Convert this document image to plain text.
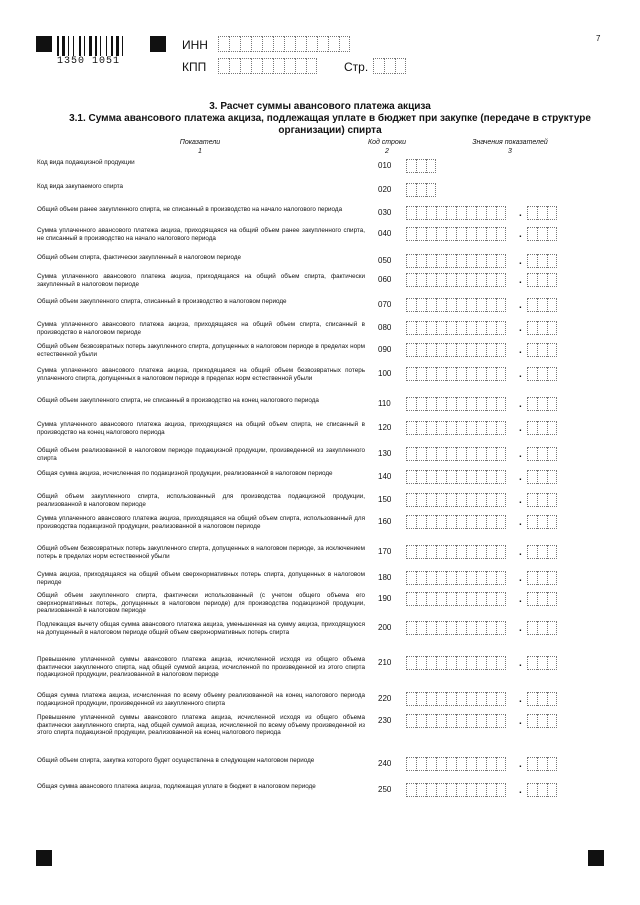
1350 1051
ИНН
КПП	Стр.
7
3. Расчет суммы авансового платежа акциза
3.1. Сумма авансового платежа акциза, подлежащая уплате в бюджет при закупке (передаче в структуре организации) спирта
Показатели
1
Код строки
2
Значения показателей
3
Код вида подакцизной продукции	010
Код вида закупаемого спирта	020
Общий объем ранее закупленного спирта, не списанный в производство на начало налогового периода	030	.
Сумма уплаченного авансового платежа акциза, приходящаяся на общий объем ранее закупленного спирта, не списанный в производство на начало налогового периода
040	.
Общий объем спирта, фактически закупленный в налоговом периоде	050	.
Сумма уплаченного авансового платежа акциза, приходящаяся на общий объем спирта, фактически закупленный в налоговом периоде
060	.
Общий объем закупленного спирта, списанный в производство в налоговом периоде	070	.
Сумма уплаченного авансового платежа акциза, приходящаяся на общий объем спирта, списанный в производство в налоговом периоде
080	.
Общий объем безвозвратных потерь закупленного спирта, допущенных в налоговом периоде в пределах норм естественной убыли
090	.
Сумма уплаченного авансового платежа акциза, приходящаяся на общий объем безвозвратных потерь уплаченного спирта, допущенных в налоговом периоде в пределах норм естественной убыли
100	.
Общий объем закупленного спирта, не списанный в производство на конец налогового периода	110	.
Сумма уплаченного авансового платежа акциза, приходящаяся на общий объем спирта, не списанный в производство на конец налогового периода
120	.
Общий объем реализованной в налоговом периоде подакцизной продукции, произведенной из закупленного спирта
130	.
Общая сумма акциза, исчисленная по подакцизной продукции, реализованной в налоговом периоде	140	.
Общий объем закупленного спирта, использованный для производства подакцизной продукции, реализованной в налоговом периоде
150	.
Сумма уплаченного авансового платежа акциза, приходящаяся на общий объем спирта, использованный для производства подакцизной продукции, реализованной в налоговом периоде
160	.
Общий объем безвозвратных потерь закупленного спирта, допущенных в налоговом периоде, за исключением потерь в пределах норм естественной убыли
170	.
Сумма акциза, приходящаяся на общий объем сверхнормативных потерь спирта, допущенных в налоговом периоде
180	.
Общий объем закупленного спирта, фактически использованный (с учетом общего объема его сверхнормативных потерь, допущенных в налоговом периоде) для производства подакцизной продукции, реализованной в налоговом периоде
190	.
Подлежащая вычету общая сумма авансового платежа акциза, уменьшенная на сумму акциза, приходящуюся на допущенный в налоговом периоде общий объем сверхнормативных потерь спирта
200	.
Превышение уплаченной суммы авансового платежа акциза, исчисленной исходя из общего объема фактически закупленного спирта, над общей суммой акциза, исчисленной по произведенной из этого спирта подакцизной продукции, реализованной в налоговом периоде
210	.
Общая сумма платежа акциза, исчисленная по всему объему реализованной на конец налогового периода подакцизной продукции, произведенной из закупленного спирта
220	.
Превышение уплаченной суммы авансового платежа акциза, исчисленной исходя из общего объема фактически закупленного спирта, над общей суммой акциза, исчисленной по всему объему произведенной из этого спирта подакцизной продукции, реализованной на конец налогового периода
230	.
Общий объем спирта, закупка которого будет осуществлена в следующем налоговом периоде	240	.
Общая сумма авансового платежа акциза, подлежащая уплате в бюджет в налоговом периоде	250	.
